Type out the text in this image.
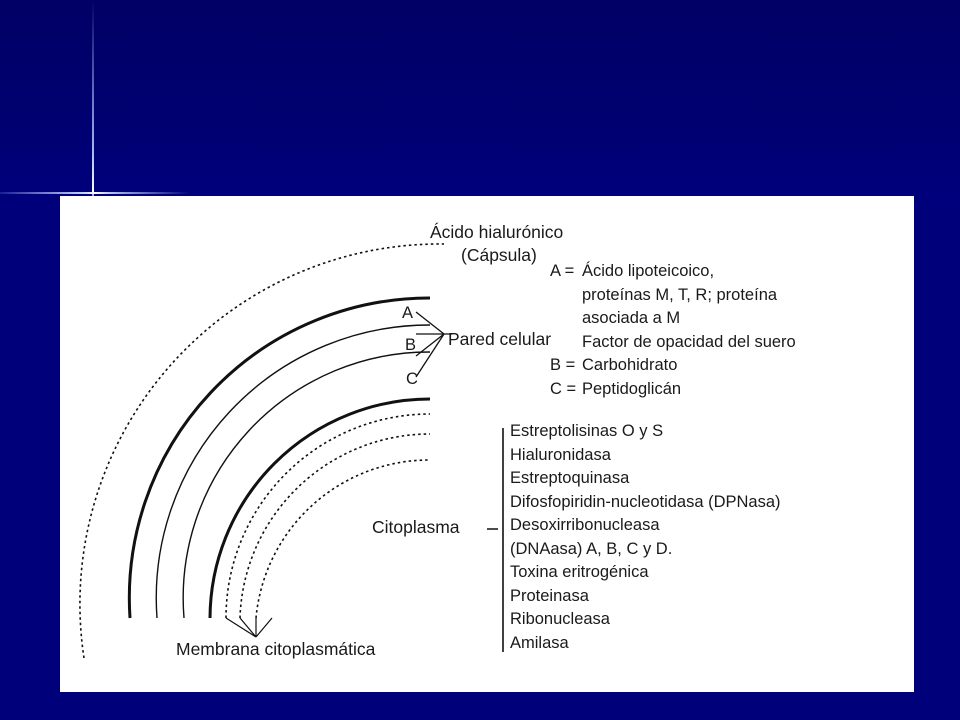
Ácido hialurónico
(Cápsula)
A
B
C
Pared celular
A = Ácido lipoteicoico,
proteínas M, T, R; proteína
asociada a M
Factor de opacidad del suero
B = Carbohidrato
C = Peptidoglicán
Citoplasma
Estreptolisinas O y S
Hialuronidasa
Estreptoquinasa
Difosfopiridin-nucleotidasa (DPNasa)
Desoxirribonucleasa
(DNAasa) A, B, C y D.
Toxina eritrogénica
Proteinasa
Ribonucleasa
Amilasa
Membrana citoplasmática
